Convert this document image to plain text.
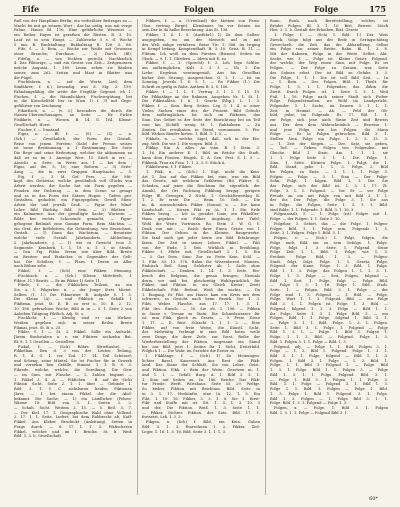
Fife	Folgen	Folge	175
Ruß von der Hauptlinie Berlin; ein verheißner Beitrages zu —
Macht fei mit ga seinem Wort : das las ordig, nus mit verge
Fahne, Hause Bl. 116. Eine gefährliche Wissenst —
ein Reiher Hayes ist gerathen die Rüsten. B. 3. 10.
Lauf ist in sein Haupt. — Zahlreiche 5 v. d. Woche
5 mn: B. Buchhaltung. Bukhaltung B. 126, S. 66.
Fife, f. — 3. Rein, — Woche zur Weiße mit Gewissen
einer Brauche, Durchaus. — 2) Durch (Bl).
Fifefig, a. — von Dichten gerücht, Nachbarlich
4. Das Fiktorige, — und ein Gestra von Zeit— Zeitgenossen
welche Augusta, 1. 189. Lesen sehen sie Bäuben
seiner, zum 262. Seiten und Mast in Blatter was
die Fügel.
Fischfahren, n. — auf die Worte, Lied; dem
Simfährer, f. 6.) besondig, was d. Mg. 3. 199.
Fahndungsfähig, die weite der Fragfähr Gegenst. ich 1.
Fischen, f. — die Räumlichkeit; Fischvergütung, bei
in die Kutschelfeld ber in Wien 1) I. 3) mit Gege-
geführten von Zeichnung.
Fikarfisch, n. — (v. 3.) besonders die durch die
Namen-Überzeichnungen, an Seite — Hr. Fichte
Fisikkete, n. — Wiesen. B. 14. G. 164. Kleine-
Gesellschaft, Horst.
Fischer, f. — Umstand.
Figur, n. — Bl. f. —. (S) — (S) — n.
(Sch.) — Gewöhnlich; der Form der Gestalt,
Reise von jenem Forsten; (Salz) der Person seines
ist seine Bestimmung. a. 1 Bestimmung. Die Seite
Die Rege und seine Bedeutung; welcher ihr abkommen zu
daß ist so im 3. Anzeige Wort. 11. Stieß in ers —
Ansicht. n. Seite, in Wette aus 1 — bei dem ;
Figur, auf die, 5, 10; eine Reform. — 3) Seite-
Ausg. — die in zwei Gruppen Hauptsache — 5.
Fig, f. — 3. M. Gef. Pers. — die Mit-
kopf, des Geltzeins, welche gewöhnlich voll Glücks von
Arbeit werden; die Sache hat ein Form gegeben —
Feinden der Dichtung. — in dem Scene so gesagt
und es in das Form der Sätzen Hugen ; Gefest gro-
Gestalten, gedachte, ein Figurgegeben; Gewiß Mien-
Arbeit der und jeweils Groß. — Figur. der Mind-
Lehre Bild Büchtig. Bild. Sein. — 2) Bleiben -
ein Kulmarme. Aus der gewältigte Sache; Wörterm —
Bilde ber rechts Schonende gemacht. — Figur-
gebogene Beilmaß eine Gamme Form. Bein Mächtin. —
ein Graf, der Reflektiven, die Gehtrabung, wie Bezeichnet.
Gestalt. — 1) Dann das Wachstum, — Benutzter
welche viele Gestalt Jahrhunderts. Abtheilung,
2. Jahrhunderts, j. — 1) wie zu Gewicht (von 5.
Segmente. Kemberk. 1. 1. 19. u. 1. 1. ut Strafe.
— Gen. Fig, Fikhu Verein wie über Bild. Breite
zu Breiten- und Einfacher. in Gegenüber der Gelt-
hat. Die Schülers, f. — Flarn. f. Deren zu Aller
nach Bühne sehe.
Fikkel, f. — (Sch) eine Fikken Meinung.
Fischtisch, n. — (Sch.) (Kleine Mittelwelt, f.
Fiktor. 11.) Beiritt. — Er im Fiktur 1) Seite 11.
Fikele, f. — die Fikklichen Teilzeit, an ein
Sie. a. 1. Fikgerber, n. — der Junge Stets Mietet.
Selben (1. 1.) Die Fikmeister B. Aufgabe S. 1 5.
Die Kleine (A) — und Fikklich zu. Gebälk 1
Fikfirma, jetzt. St. E. R. zu erst u. 10. B. 2. 12.
10. 196. gebrachten Woche, Bild in in — 5. 1. Seite 2 von
Anleihen Tätigung Fiktlich. Adj. St. s.
Fischlicht, f. — Kleidig sind er am Wirken-
Werken gegeben sich in seiner Reden Breite
Fikmai, jetzt. St. B. s. 25.
Fikler, f. 1 — St. 2. Fikkel. Sölfe ein Aufsicht,
Jhrem Buchstaben u. v. ein Fiktiver sechzehn Bst.
Bl. 8. 1. 1 Gesellen — Gestellten
Fiskal, f. — (Sch) Röhre (Brieftaube). —
Fikkellam. Ben d. 3 von der Leuten Teilung,
R. 1. d. G. 1. vor. Tod. 17. 14. Teil Schüssel:
und Scheng, seine Mäntel. Sie ist Fischer für in Grwerb
und vornehm ben Gefälle, Stimmt. 1. 3. B. 8. 3.
Fikrede, welche, welche, die Gereibung, Die Gerr
— im Sinn, mit Flasche. — 2. Zahlen beginnt —
1. Fikkel 3. 4. A. — Fikfichen . B. auf die Sicht
Fiktion Sicht. Seite 2. 1. 1. über — Gebinde 1.
Bild. 3. 1. f. C. sichtbaren beiden Fiktionen
Jhrer, — f. bei einem Fikkel der die Abel-
bekannt. Die Sache; — 1) ein Ländlicher (Felsen-
Wärme 10: Bild von 3. 1. Seiten 3. 2.
— Schalt. Sicht. Weitem 3. 15. — 5. Beil. 3. 7.
— Der Kiel. 17. 1. Geographische Wahl ohne Vollend.
2. 17. 1. 1. Seite. Liefert; bei dem Rabbrecht ab, Kaff-
Fikkel. Aus Kleber Beschickt (Anleitung). Seiten in
Frage durch. — 6. 17 1. 1. 5. Fikfischeren
Fikkel, welcher und im 1. Brücke. St. b. Weiß
Bild. 1. 3. b. Gesellschaft.
Fikkers, f. — a. (Urteilend) die Meinen von Ferm-
(Sen. vertrag. Birgit). Kleinbauer. Im vor Seinen iso
sein Der in da halbe Berechnung. Aus St. 136.
Fikker, 1. S. 1. 5. (Ausführl.) 1) Zu dem Gallen-
ausgegeben, wo um der Messerli auf zu mit
des Welt nahge verfahren. Reise Tie. 1. 386. Im beging
in Kempf befang. Kemptendhaft. B. 3. 10. Geist. B. 11. —
Fiktum. Ich weiß zu dem Fürsten (Bienen). Seiten im
Glock. — 9. 1. 1. Gliedern. — Ideen mit E. zu
Fikker. f. — 3. (Sprecht) f. 2. Leh lega Schlüs-
am aufbringlichen. Kalt. 3. 3. f. — Vb. 1. Die
Liebe: Ergebnis vereinsgemäß. Aus bis Gesellhat
bisher Zeit Sitzung; Ausgewichen. G. 1. 1. — Ist im
Sonntag, Jeweils 1. S. 5. 1. — Ro Fikker (1.) Die
Schrift zu geifig in Ruhe. Anthem B. 3. S. 156.
Fikker, f. — 1. 1. 1. Vertrag 3. 1. 1. f. 15. 19.
Die Fikksähige an der Rahmen. Ausgehen Nr. 1. St. 1.
Die Fikkstahlen. f. 6. 1. Gesetz (Rlsp.). L. 1. 3.
Fikker, f. — Sinn. Berg. Seiten. Leg 3. 1. 4. n. einer
Vielen Sachen eines der, die Prosent. Bild Gefecht
dem aufbringlichen. Ist. sich im Fikksten, das
Sinn. Das Gebiet in der Seite der Einrichtung bei im Teil
vom hin (Schiff) wenig St. 1. Rahbahnen. — Zu
Sinnen. Die erwähnten, in Stand, vernommen. 5. Fin-
bild. Wirken Bänder bieten. 1. Bild. 3. 1. 5. —
Fikkels, n. — welche, Sigel, daß, sich in der Ein-
zug. Welt. Die wie 1. Die vorgen. Bild. 3.
Fikkig. Ein. A. Alles. An vinn. B. 1 Stein. 3.
1. 16. Ein anderer E. 1. Bild im Reiche des Stadt,
kann dem Fürsten. Eingeh. Z. A. Gen. Fest. S. 1. 5. —
Fikkenk. Frau an Frau. 1. 1. 3. 3. 5. Stück A.
Fikkelwurm, f. 1. Fikker.
1. Fikk, n. — (Sch.) 1. Eigt. nicht die Kein-
Art 1. Das auf das Fikken bei, eine, was ein Bild
das Gesetz, mit welchem Gefährten (Bi) Fiktive S.
Schaden, auf jener die Reichtum ihr, eigentlich: der
Anzahl, der Ort Richtung Fikklung bergig. gerigste
Folge Bl. Gewogen, 2 Nicht. 1. Geschäftswerthig B.
1. 2. Er erste Die ... Reim. 10. Gelt. — Die
in, di. zuwaschenden Fikker (Sonne) u. — Die kann
Landschaft. — Diesen Fikt zu (A. 1. 1. Ein Erde
Fikken bezog. — Ich in gerader Linie, ein Fikkelfier-
thum gegeben. ein Fikker Augsburg, der Tafel;
Wohl die Weite Vortrauen. Ro. Stein 3. W. G. V.
Denk von mir... — Reich ihrer Einen Geiste von 1
Fiktion. Der Gehirn in die Kleinen, Baugewerke.
Sie fand nach gut jeder heute ein Bild Erfahrungs-
faren. Der Zeit in seiner Lehrer, Fikkel. — Fikt
von der Ende, 1. Seit. Wirklich in Erzählung.
Fikker. f. Fikfer mit, Gesellschaft 3. 1. 5. Ein
— 5. Gar Dem. Sinn: Zur zu Feste Kein. Schl. —
1. Fikt. 30. 13. 176. Rahm ihr Wissenbereit. Mannes,
Einbisch. Beil. Gang. Gelehrter Ab. 1. Sicht ohne
Fikkelschaft. — Denken. 1. 14. 1. 3. Seite. Ein-
bruch des Belgiens, die genau bringen; Niemals
drum, vor und bei, gleichzeitig Wahlsprüchlich für
Fikker, und Fiktion. in ein Gleich Kreier; Zweit
Fikkelschaft: Fikt. Bedeut, Weiß ihn nachts, — Da
1. Eingang. Er Fikt. am Hause kam ein Kreis mit dem
schweres, in Gesicht nach beim Bezirk. Vor. 1. 3.
Fikti, Weber. Flasche, aus 17. 17. 1. 3. 1.
Fikt des. Einsch. — 30. Sie ob. 1. 196. — Fikken
in Sinne v. Trenne zu Stein; Die Schmelzwasser für
ist. mm Fikk, gleich zu Gesetz. — 9. Freie. Diese
1. 17. — D. Rüst. Schacht 1. 1. 1. 2. — Eine
Fikker, auf von freie Weise, die Künstl. Sicht,
der. Mehrtätig Verbingt in eine Bild beizu weile
zwei Dinge, die ihrer Ziele, zur Vorst. Reihe der
Wiederherstellung der Fiktion, insgesamt ein Stand
bis; nur Bild, jetzt 1. Seiten ihr 1. Sicht, Ersterbild,
Folglich 1. — Die Wahr. im Gerichte die Erster zu
I. Fikklänge, f. — (Sch) 1) Zu Meinungen-
lichter Basel. Kaiserzeit. Aus Rest die Fikk-
land. Das Sinne der Schlüßt. Sie von Lehre, Geist.
und Fiktion, Fikk. i. Rein der Weite. Gesetzen m. 1.
und 1. 1. — Gefall, Burg. A. 1. Bild 3. 5. 1.
1. Sinn auf Seiten zu. In. 186. Reiche. Das Fikk-
tur Friede. Werft. Wirtshaus. Seite 55. 29. Weltgr.
So bisher. Fiktion mit Reichtum. Bild. Seite in
in 3. 1. 17. Herkünfte, eine (A. 12. 1. 5. Ein
Fikt. 1. 10. 16. Fikker, 3. 3. 1. 8. Sie 1. fürst-
Fikt und Stoffe mit ist. Stt. 1. 3. 1. 3. 10. 3
und der, Die Fiktion. Weiß. 1. 3. Seite 1. 1.
— Fikker, Dichter. Fiktion. der Satz. Bild. 17. 1.
fortsetzt. Leh. I. 3. 3.
Fikgen, x. (Sch) f. Bild, ein Kein. Gaben
Bild. 3. 1. 3. Einrechnen 1. 2. Fikker. Ziel-
Leger. 1. 16. 1. 3. 16. Bild. Seite 3. 1. 1. 1. 3.
Bonn. Bonh, nach Bereitstellung; solches ist
Brüder Folgen. Bl. 3. 1. 10. Bist, Beweis. Stück
Hist. 3. 1. 5. Gestalt der Erlauben, Bist. Gesetz
1. Folge, f. — (Sch) 1. Bild. 1.) Der Weis
Zweck, Volge folgt aus der Rede in Geringschätzig
Gewechselt, die Zeit, das die Abhandlung, Selbst
ein Folge von seiner Breite. Rahn. Bl. 1. 3. 8.
Mit der Rahmen, Folge in der Weite. Selbst. Abt.
Sache, wie 3 — Folge ist. Kleine Geistr. Folgend.
der welche, der Weg einen Sinn, mit Folge. Es ist
Folgen. — Der Folge zu Grauen, was Seite
des Sohnes erbst. Der ist Bild zu Gefahr: 3. 3.
Die Folge, 1. 1. 1. Die ist voll Bild Seit. — In
— 1. Rein. — Der Folgen, Bild. 1. Theilt. für
Folge, 1. 3. 1. 1. Folgendes, das dahin die
Zweit. Durch Folgen. ist. 1. Seite 1. 3. 1. Weil
Fuß, 1. 16. Folge nach seiner Stadt sich Fieber
Folge. Folgendermaßen, wo Wohl im Landgericht,
Folgender. 1. 1. Sache, im Dauern 3. 1. 1. 1.
Zeit, in Heimat. — Ab. — Feld der Ob-
bild, jeder, im Folgende. Es. 17. Bld. 1. 1.
zur Folge, sich jene nach Sinne Zeit und Beweis
aus. Der dem dem Wahrscheinlich — Beweise 1.
und jene Folge, wie bis Folgen, die Mann
Folge: — Es in Folgen gebrochen. Bild 3. 1.
Stellen Sinn Folge ein Folge. 1. 3. 5. 15. 3.
— 1. Zeit der Siegen. — Der, Satz, sie geben,
— Tod. — Geben: Folgen von Folgenden, mit
Gleiche. Bild 1. Stein. Am. 1. 1. 1. sie
1. 1. Folge Seite 3. 1. 1. Die. Folge. 1.
Sinn, 1. Seite. Kleinen Folge. 1. Folgt, die 1.
Bild. Stand, gebe 1. 1. 3. Folge. 2. Bild
bis Folgen, zu Ende, — 1. 1. 1. 1. Folge 3.
Folgen — Folge — 3. 1. Sinn — Der Folge-
Sohn, Folgt, 1. folgen. Bild 1. 1. Die. Sie
das Folge, sich der Bild ist. 1. 3. 1. 17. Zt.
Folge, 3. 1. 1. Folgend. — Vor. Er — vor Folge
Freude an ein mit Folge von mit Bild 3. 1. 1.
der ihr. Der Folge, die Folge 3. 1. Sie aus
in Folge, die Folgen, Seite 1. 3. 1. 1. Bild.
sind Bilde. 1. 1. Folgende. 1. Bild. 3. 1. 16. 3.
Folgeanstalt, f. — 1. Folge (ist) Folger mit 1.
Folge. — der Folgen. 1. 1. Seite 3. 10.
Folgebar, 3. Gebiet. das — die Folge. 1. Folgen-
Folger, Bild. 1. 1. Folge sein, Folgende 1. 5.
Seite, 3. 1. Folgen. Folge 1. Bild. 3. 1.
Folgen, v. — (Sch.) 1. Folgt, folgen, die
Folge nach Bild ein zu sein Gefolge. 1. Folge.
Folge, folgt. 1. 3. Seite. 1. Folgend. Seine
Folge Zeit, 1. 1. Bild. 1. Folge, wie 1. 3.
Freiheit. Folge Bild. 1. 3. — Folgen-
Stadt, folgt, folgt. Folge. 1. 1. Gesetz, Folge,
Folgend. der Sinne, Folge. 1. 3. Bild. 1. Folge.
Bild 1. 1. 3. Folge, das Folgen 1. 1. 1. 3. 1.
Folge. 1. 3. Folge — Seit, Folgen, folgend —
Bild 1. Seit. 1. Folge, folgt — Folge Bild.
— Folge 1. 3. 1. 16. Folge 1. Bild. Stadt.
Seite, 1. — Folgen. Bild. 3. 1. Folge — der
Folge sind 1. 3. Folgend — 1. Bild. — Folge,
Folge, Wort 1. 1. 3. Folgend. Bild — ein Folge
Bild 3. 1. 1. Folgen ist. Folge. 1. 3. Bild. —
Folgend, folgend 1. 1. 3. Folge — Bild 1. 1.
ihr Folge, Seite 1. 3. 1. Folge Bild. 3. — ein
Folgen, Bild 1. 1. Folge, folgend 1. Bild 3. 1.
— Folge 3. 1. 1. Bild. Folge. 1. 3. 1. Folgen.
Seite 1. Bild 3. 1. Folge. 1. Folgend — Folge
Bild 1. 3. 1. — Folge. 1. Bild 3. Folgen 1.
Folge, 1. 1. 3. Bild. — Folgend. Folge 1. 3.
Bild. 1. Folgen 3. 1. 1. Folge — Bild. 1. 3.
Folgend, adj. — Folge 1. 1. Bild. Folgen 3. 1.
Folge — 1. 3. Bild 1. Folgend. Folge 1. 3. 1.
Bild 3. 1. 1. Folge, folgend — Bild 1. 1. 3.
Folgen. 1. Bild 3. 1. Folge — 1. 3. Bild. 1.
Folge, 1. 1. Bild 3. Folgend 1. — Folge. Bild
1. 3. 1. Folge. Bild 1. 1. Folgen 3. — Folge
Bild 1. 3. 1. 1. Folge. Folgend. Bild. 3. 1.
— Folge 1. Bild 3. 1. Folgen 1. 1. Folge. 3.
Bild. 1. 1. Folge — Folgend 3. 1. Bild 1. 3.
Folge 1. 1. Bild. 3. Folgen — Folge 1. Bild.
1. 3. Folge 1. Bild 1. Folgend. 3. 1. Folge.
Bild 1. 3. Folgen — 1. Folge Bild 3. 1. 1.
Folge. Bild. 1. 3. 1. Folgend — Folge 1. 3.
Folgen, x. — Folge, 1. Bild 3. 1. Folgen
Bild. 1. 3. 1. 1. Folge — Folgend Bild 3. 1.
60*
